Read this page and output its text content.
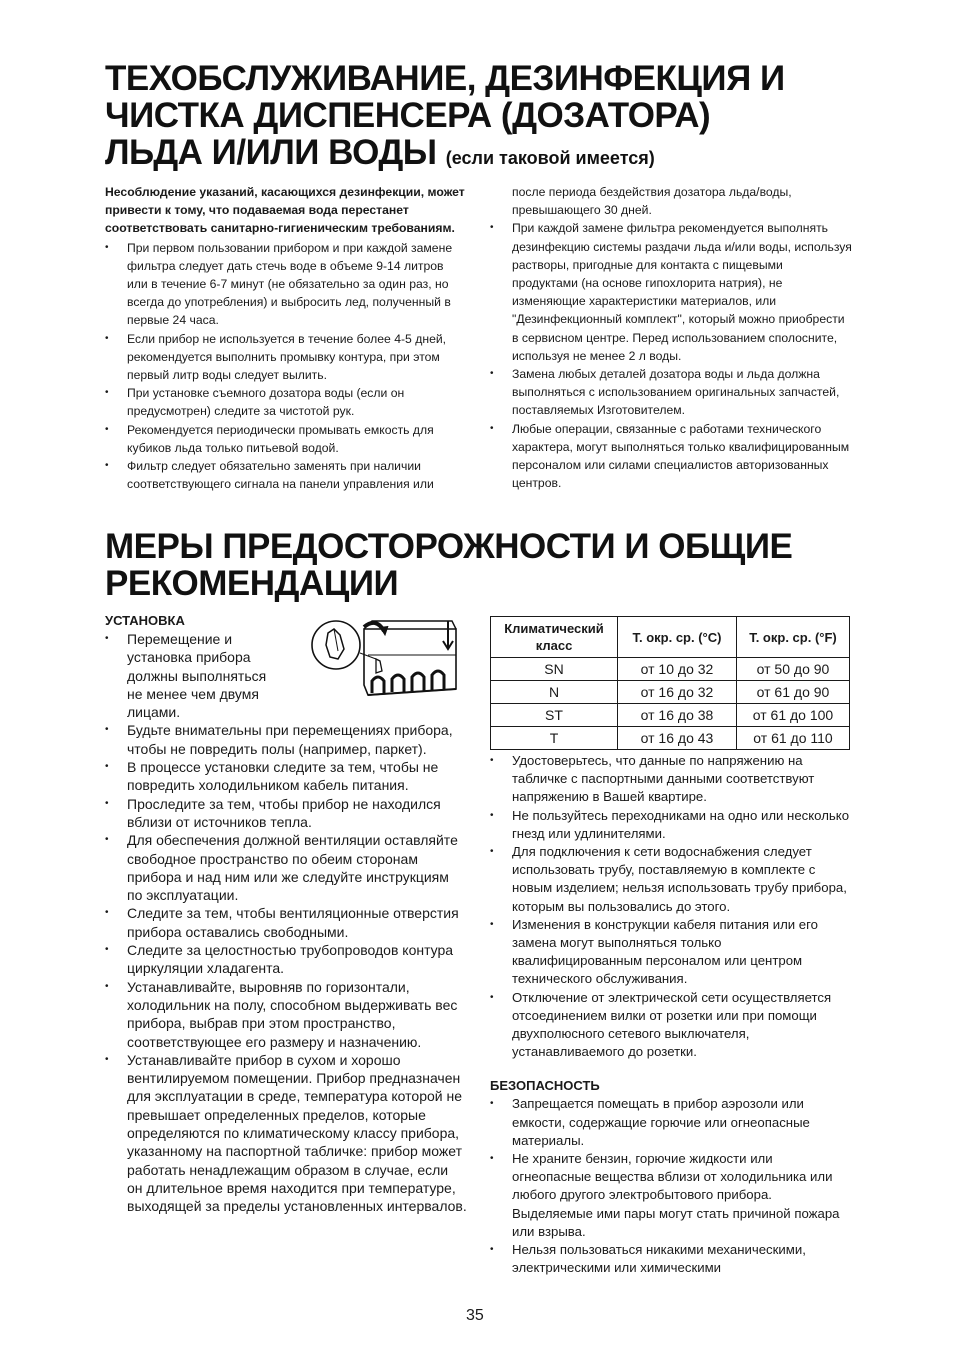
ТЕХОБСЛУЖИВАНИЕ, ДЕЗИНФЕКЦИЯ И
ЧИСТКА ДИСПЕНСЕРА (ДОЗАТОРА)
ЛЬДА И/ИЛИ ВОДЫ (если таковой имеется)
Несоблюдение указаний, касающихся дезинфекции, может привести к тому, что подаваемая вода перестанет соответствовать санитарно-гигиеническим требованиям.
• При первом пользовании прибором и при каждой замене фильтра следует дать стечь воде в объеме 9-14 литров или в течение 6-7 минут (не обязательно за один раз, но всегда до употребления) и выбросить лед, полученный в первые 24 часа.
• Если прибор не используется в течение более 4-5 дней, рекомендуется выполнить промывку контура, при этом первый литр воды следует вылить.
• При установке съемного дозатора воды (если он предусмотрен) следите за чистотой рук.
• Рекомендуется периодически промывать емкость для кубиков льда только питьевой водой.
• Фильтр следует обязательно заменять при наличии соответствующего сигнала на панели управления или
после периода бездействия дозатора льда/воды, превышающего 30 дней.
• При каждой замене фильтра рекомендуется выполнять дезинфекцию системы раздачи льда и/или воды, используя растворы, пригодные для контакта с пищевыми продуктами (на основе гипохлорита натрия), не изменяющие характеристики материалов, или "Дезинфекционный комплект", который можно приобрести в сервисном центре. Перед использованием сполосните, используя не менее 2 л воды.
• Замена любых деталей дозатора воды и льда должна выполняться с использованием оригинальных запчастей, поставляемых Изготовителем.
• Любые операции, связанные с работами технического характера, могут выполняться только квалифицированным персоналом или силами специалистов авторизованных центров.
МЕРЫ ПРЕДОСТОРОЖНОСТИ И ОБЩИЕ
РЕКОМЕНДАЦИИ
УСТАНОВКА
• Перемещение и
установка прибора
должны выполняться
не менее чем двумя
лицами.
• Будьте внимательны при перемещениях прибора, чтобы не повредить полы (например, паркет).
• В процессе установки следите за тем, чтобы не повредить холодильником кабель питания.
• Проследите за тем, чтобы прибор не находился вблизи от источников тепла.
• Для обеспечения должной вентиляции оставляйте свободное пространство по обеим сторонам прибора и над ним или же следуйте инструкциям по эксплуатации.
• Следите за тем, чтобы вентиляционные отверстия прибора оставались свободными.
• Следите за целостностью трубопроводов контура циркуляции хладагента.
• Устанавливайте, выровняв по горизонтали, холодильник на полу, способном выдерживать вес прибора, выбрав при этом пространство, соответствующее его размеру и назначению.
• Устанавливайте прибор в сухом и хорошо вентилируемом помещении. Прибор предназначен для эксплуатации в среде, температура которой не превышает определенных пределов, которые определяются по климатическому классу прибора, указанному на паспортной табличке: прибор может работать ненадлежащим образом в случае, если он длительное время находится при температуре, выходящей за пределы установленных интервалов.
Климатический класс	Т. окр. ср. (°C)	Т. окр. ср. (°F)
SN	от 10 до 32	от 50 до 90
N	от 16 до 32	от 61 до 90
ST	от 16 до 38	от 61 до 100
T	от 16 до 43	от 61 до 110
• Удостоверьтесь, что данные по напряжению на табличке с паспортными данными соответствуют напряжению в Вашей квартире.
• Не пользуйтесь переходниками на одно или несколько гнезд или удлинителями.
• Для подключения к сети водоснабжения следует использовать трубу, поставляемую в комплекте с новым изделием; нельзя использовать трубу прибора, которым вы пользовались до этого.
• Изменения в конструкции кабеля питания или его замена могут выполняться только квалифицированным персоналом или центром технического обслуживания.
• Отключение от электрической сети осуществляется отсоединением вилки от розетки или при помощи двухполюсного сетевого выключателя, устанавливаемого до розетки.
БЕЗОПАСНОСТЬ
• Запрещается помещать в прибор аэрозоли или емкости, содержащие горючие или огнеопасные материалы.
• Не храните бензин, горючие жидкости или огнеопасные вещества вблизи от холодильника или любого другого электробытового прибора. Выделяемые ими пары могут стать причиной пожара или взрыва.
• Нельзя пользоваться никакими механическими, электрическими или химическими
35
